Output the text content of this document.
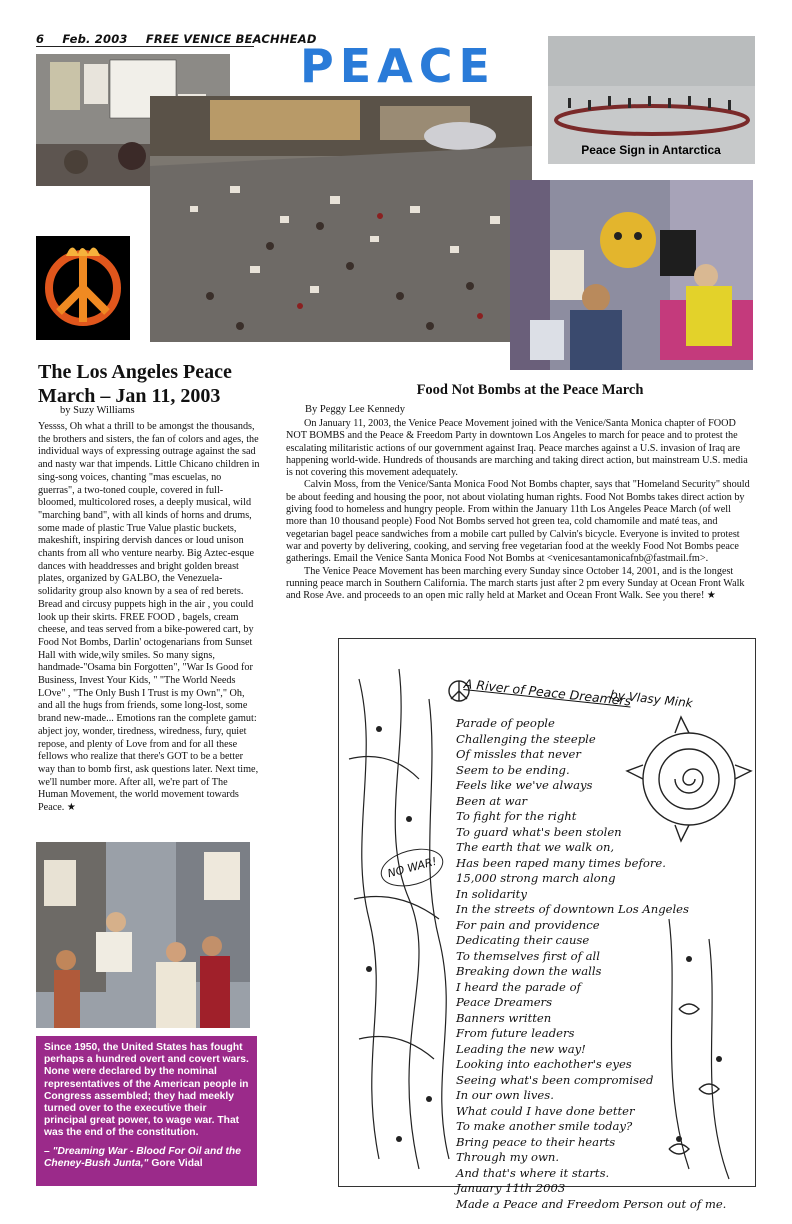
6 Feb. 2003 FREE VENICE BEACHHEAD
PEACE
Peace Sign in Antarctica
The Los Angeles Peace March – Jan 11, 2003
by Suzy Williams

Yessss, Oh what a thrill to be amongst the thousands, the brothers and sisters, the fan of colors and ages, the individual ways of expressing outrage against the sad and nasty war that impends. Little Chicano children in sing-song voices, chanting "mas escuelas, no guerras", a two-toned couple, covered in full-bloomed, multicolored roses, a deeply musical, wild "marching band", with all kinds of horns and drums, some made of plastic True Value plastic buckets, makeshift, inspiring dervish dances or loud unison chants from all who venture nearby. Big Aztec-esque dances with headdresses and bright golden breast plates, organized by GALBO, the Venezuela-solidarity group also known by a sea of red berets. Bread and circusy puppets high in the air , you could look up their skirts. FREE FOOD , bagels, cream cheese, and teas served from a bike-powered cart, by Food Not Bombs, Darlin' octogenarians from Sunset Hall with wide,wily smiles. So many signs, handmade-"Osama bin Forgotten", "War Is Good for Business, Invest Your Kids, " "The World Needs LOve" , "The Only Bush I Trust is my Own"," Oh, and all the hugs from friends, some long-lost, some brand new-made... Emotions ran the complete gamut: abject joy, wonder, tiredness, wiredness, fury, quiet repose, and plenty of Love from and for all these fellows who realize that there's GOT to be a better way than to bomb first, ask questions later. Next time, we'll number more. After all, we're part of The Human Movement, the world movement towards Peace. ★

Food Not Bombs at the Peace March
By Peggy Lee Kennedy

On January 11, 2003, the Venice Peace Movement joined with the Venice/Santa Monica chapter of FOOD NOT BOMBS and the Peace & Freedom Party in downtown Los Angeles to march for peace and to protest the escalating militaristic actions of our government against Iraq. Peace marches against a U.S. invasion of Iraq are happening world-wide. Hundreds of thousands are marching and taking direct action, but mainstream U.S. media is not covering this movement adequately.

Calvin Moss, from the Venice/Santa Monica Food Not Bombs chapter, says that "Homeland Security" should be about feeding and housing the poor, not about violating human rights. Food Not Bombs takes direct action by giving food to homeless and hungry people. From within the January 11th Los Angeles Peace March (of well more than 10 thousand people) Food Not Bombs served hot green tea, cold chamomile and maté teas, and vegetarian bagel peace sandwiches from a mobile cart pulled by Calvin's bicycle. Everyone is invited to protest war and poverty by delivering, cooking, and serving free vegetarian food at the weekly Food Not Bombs peace gatherings. Email the Venice Santa Monica Food Not Bombs at <venicesantamonicafnb@fastmail.fm>.

The Venice Peace Movement has been marching every Sunday since October 14, 2001, and is the longest running peace march in Southern California. The march starts just after 2 pm every Sunday at Ocean Front Walk and Rose Ave. and proceeds to an open mic rally held at Market and Ocean Front Walk. See you there! ★

A River of Peace Dreamers
by Vlasy Mink
NO WAR!
Parade of people
Challenging the steeple
Of missles that never
Seem to be ending.
Feels like we've always
Been at war
To fight for the right
To guard what's been stolen
The earth that we walk on,
Has been raped many times before.
15,000 strong march along
In solidarity
In the streets of downtown Los Angeles
For pain and providence
Dedicating their cause
To themselves first of all
Breaking down the walls
I heard the parade of
Peace Dreamers
Banners written
From future leaders
Leading the new way!
Looking into eachother's eyes
Seeing what's been compromised
In our own lives.
What could I have done better
To make another smile today?
Bring peace to their hearts
Through my own.
And that's where it starts.
January 11th 2003
Made a Peace and Freedom Person out of me.
Since 1950, the United States has fought perhaps a hundred overt and covert wars. None were declared by the nominal representatives of the American people in Congress assembled; they had meekly turned over to the executive their principal great power, to wage war. That was the end of the constitution.
– "Dreaming War - Blood For Oil and the Cheney-Bush Junta," Gore Vidal
